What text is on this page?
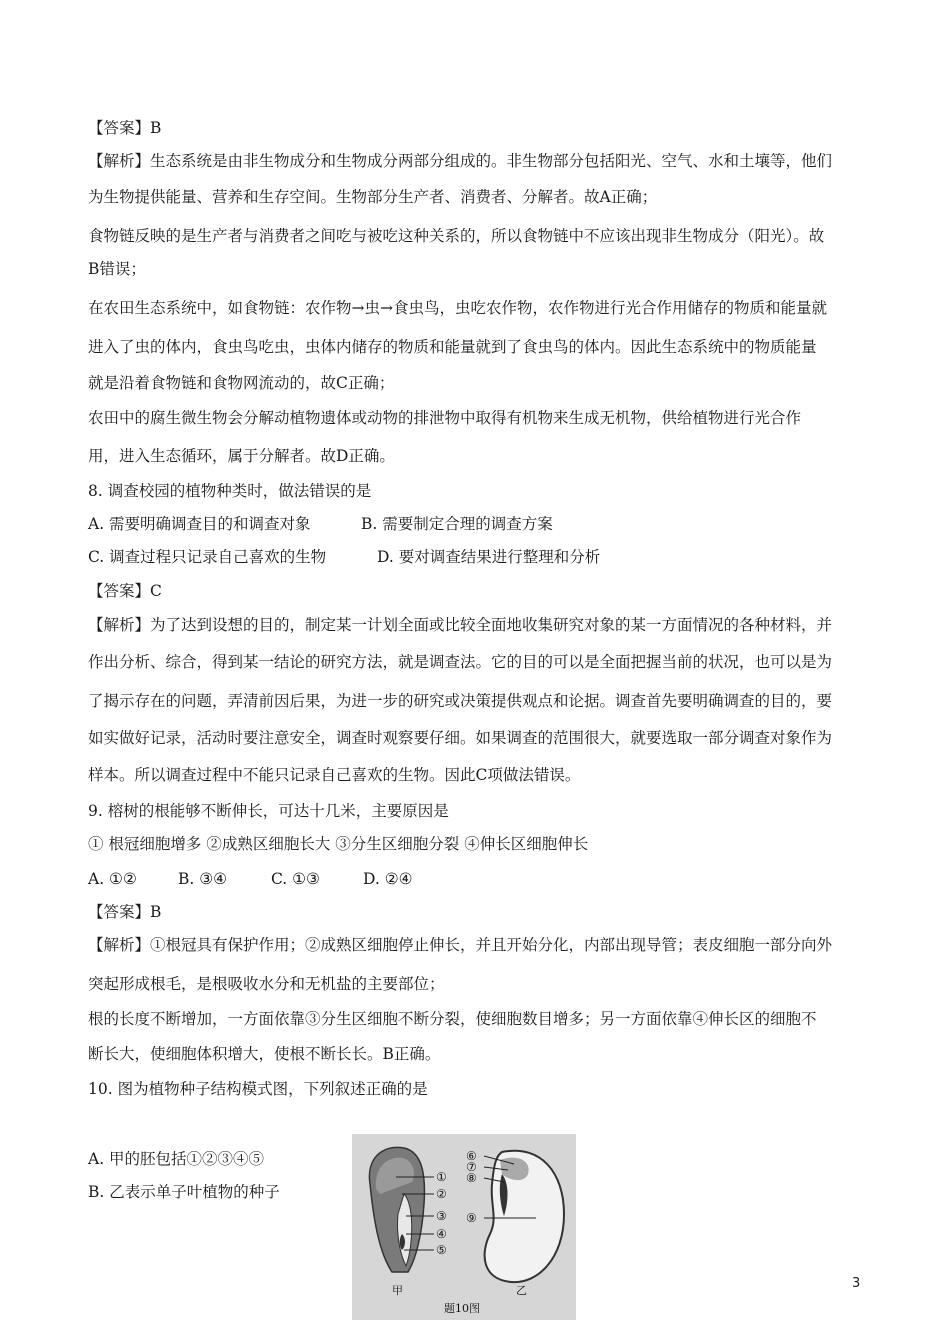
【答案】B
【解析】生态系统是由非生物成分和生物成分两部分组成的。非生物部分包括阳光、空气、水和土壤等，他们
为生物提供能量、营养和生存空间。生物部分生产者、消费者、分解者。故A正确；
食物链反映的是生产者与消费者之间吃与被吃这种关系的，所以食物链中不应该出现非生物成分（阳光）。故
B错误；
在农田生态系统中，如食物链：农作物→虫→食虫鸟，虫吃农作物，农作物进行光合作用储存的物质和能量就
进入了虫的体内，食虫鸟吃虫，虫体内储存的物质和能量就到了食虫鸟的体内。因此生态系统中的物质能量
就是沿着食物链和食物网流动的，故C正确；
农田中的腐生微生物会分解动植物遗体或动物的排泄物中取得有机物来生成无机物，供给植物进行光合作
用，进入生态循环，属于分解者。故D正确。
8. 调查校园的植物种类时，做法错误的是
A. 需要明确调查目的和调查对象	B. 需要制定合理的调查方案
C. 调查过程只记录自己喜欢的生物	D. 要对调查结果进行整理和分析
【答案】C
【解析】为了达到设想的目的，制定某一计划全面或比较全面地收集研究对象的某一方面情况的各种材料，并
作出分析、综合，得到某一结论的研究方法，就是调查法。它的目的可以是全面把握当前的状况，也可以是为
了揭示存在的问题，弄清前因后果，为进一步的研究或决策提供观点和论据。调查首先要明确调查的目的，要
如实做好记录，活动时要注意安全，调查时观察要仔细。如果调查的范围很大，就要选取一部分调查对象作为
样本。所以调查过程中不能只记录自己喜欢的生物。因此C项做法错误。
9. 榕树的根能够不断伸长，可达十几米，主要原因是
① 根冠细胞增多 ②成熟区细胞长大 ③分生区细胞分裂 ④伸长区细胞伸长
A. ①②	B. ③④	C. ①③	D. ②④
【答案】B
【解析】①根冠具有保护作用；②成熟区细胞停止伸长，并且开始分化，内部出现导管；表皮细胞一部分向外
突起形成根毛，是根吸收水分和无机盐的主要部位；
根的长度不断增加，一方面依靠③分生区细胞不断分裂，使细胞数目增多；另一方面依靠④伸长区的细胞不
断长大，使细胞体积增大，使根不断长长。B正确。
10. 图为植物种子结构模式图，下列叙述正确的是
A. 甲的胚包括①②③④⑤
B. 乙表示单子叶植物的种子
①
②
③
④
⑤
⑥
⑦
⑧
⑨
甲	乙
题10图
3
